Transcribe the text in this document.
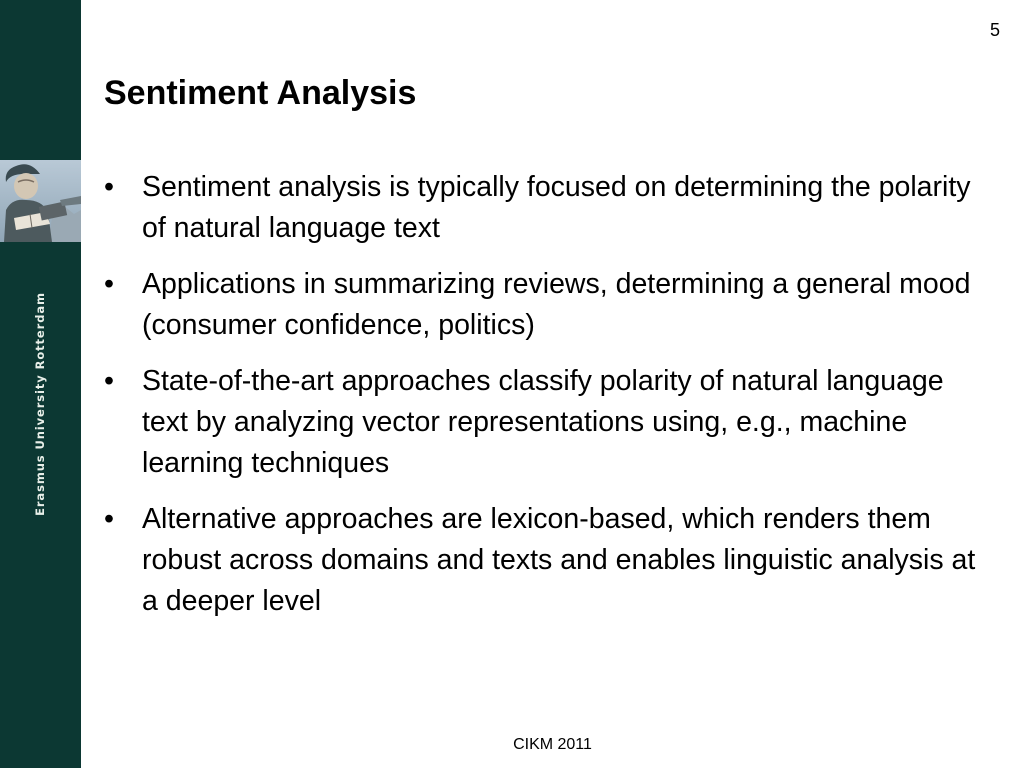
Erasmus University Rotterdam
5
Sentiment Analysis
• Sentiment analysis is typically focused on determining the polarity of natural language text
• Applications in summarizing reviews, determining a general mood (consumer confidence, politics)
• State-of-the-art approaches classify polarity of natural language text by analyzing vector representations using, e.g., machine learning techniques
• Alternative approaches are lexicon-based, which renders them robust across domains and texts and enables linguistic analysis at a deeper level
CIKM 2011
